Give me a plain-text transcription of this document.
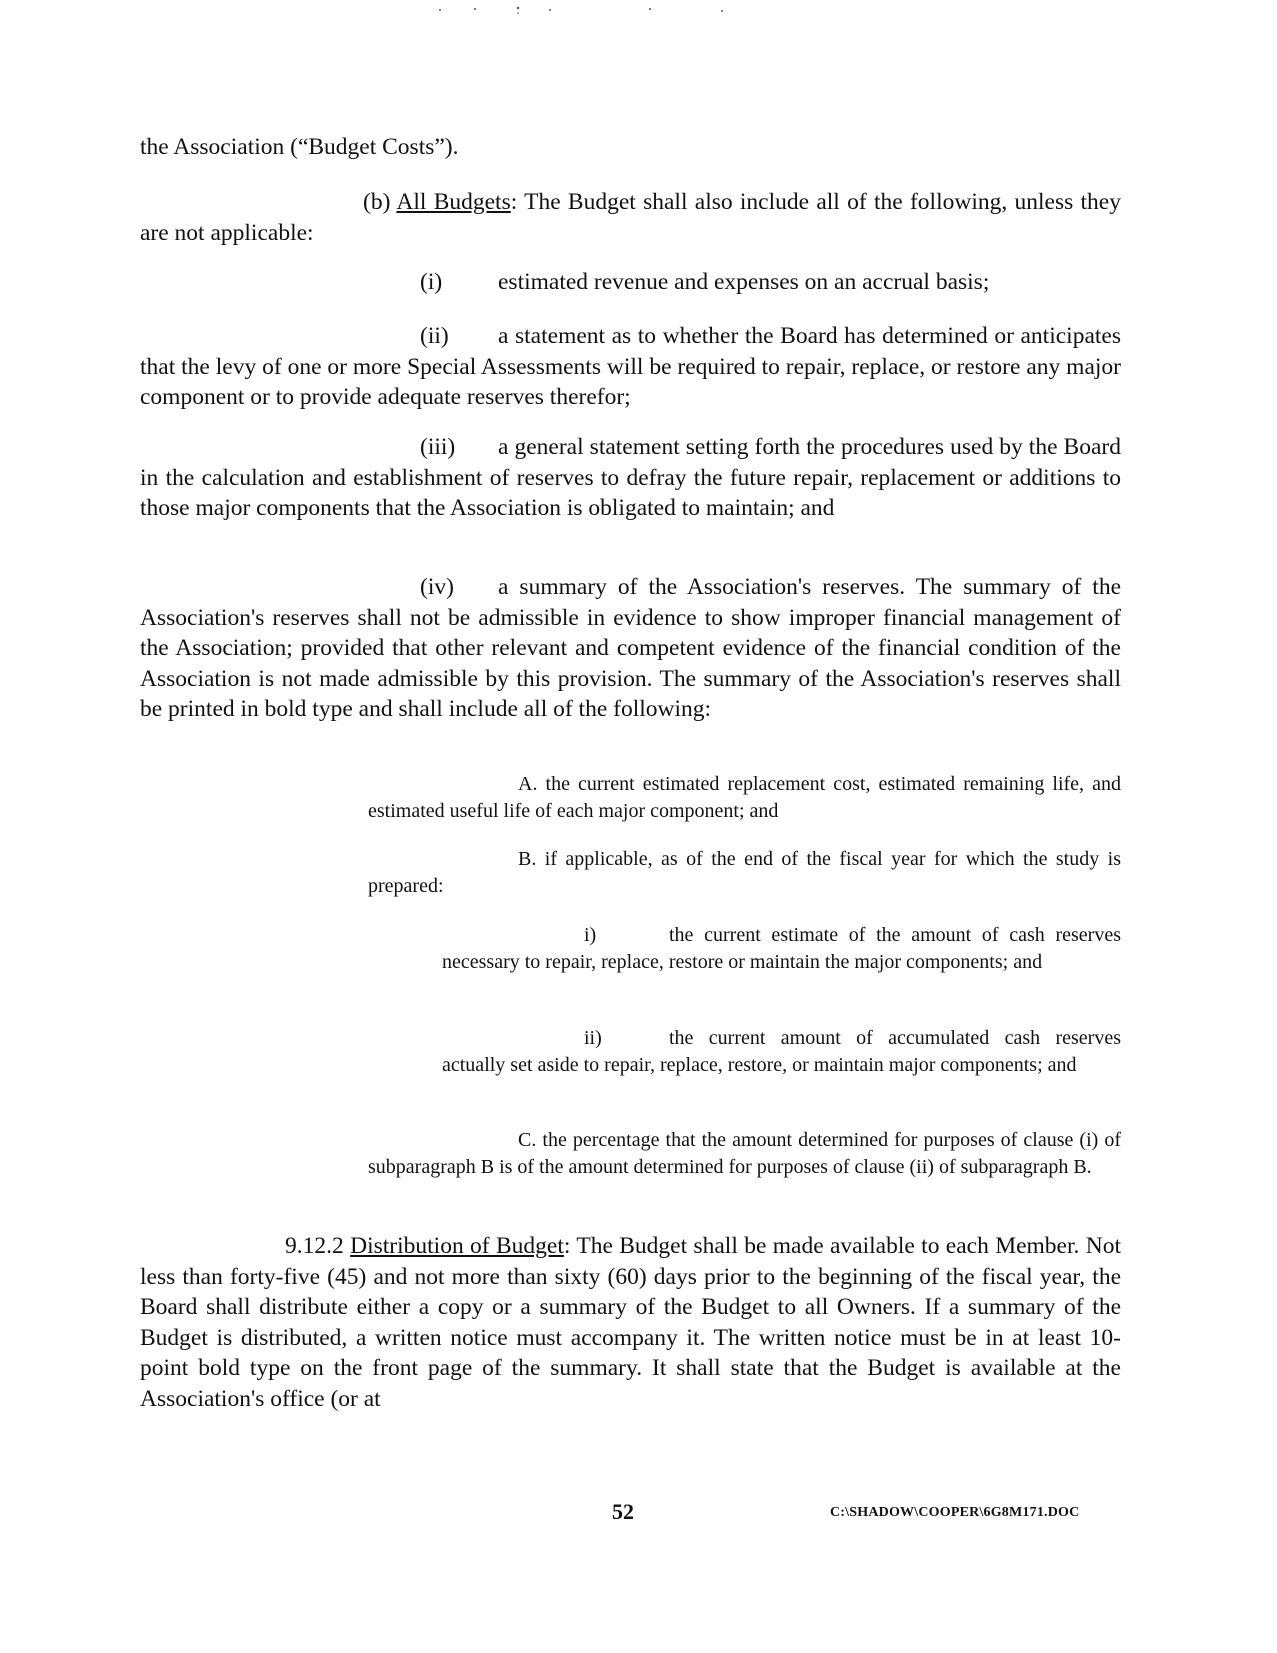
the Association (“Budget Costs”).

(b) All Budgets: The Budget shall also include all of the following, unless they are not applicable:

(i) estimated revenue and expenses on an accrual basis;

(ii) a statement as to whether the Board has determined or anticipates that the levy of one or more Special Assessments will be required to repair, replace, or restore any major component or to provide adequate reserves therefor;

(iii) a general statement setting forth the procedures used by the Board in the calculation and establishment of reserves to defray the future repair, replacement or additions to those major components that the Association is obligated to maintain; and

(iv) a summary of the Association's reserves. The summary of the Association's reserves shall not be admissible in evidence to show improper financial management of the Association; provided that other relevant and competent evidence of the financial condition of the Association is not made admissible by this provision. The summary of the Association's reserves shall be printed in bold type and shall include all of the following:

A. the current estimated replacement cost, estimated remaining life, and estimated useful life of each major component; and

B. if applicable, as of the end of the fiscal year for which the study is prepared:

i)	the current estimate of the amount of cash reserves necessary to repair, replace, restore or maintain the major components; and

ii)	the current amount of accumulated cash reserves actually set aside to repair, replace, restore, or maintain major components; and

C. the percentage that the amount determined for purposes of clause (i) of subparagraph B is of the amount determined for purposes of clause (ii) of subparagraph B.

9.12.2 Distribution of Budget: The Budget shall be made available to each Member. Not less than forty-five (45) and not more than sixty (60) days prior to the beginning of the fiscal year, the Board shall distribute either a copy or a summary of the Budget to all Owners. If a summary of the Budget is distributed, a written notice must accompany it. The written notice must be in at least 10-point bold type on the front page of the summary. It shall state that the Budget is available at the Association's office (or at

52	C:\SHADOW\COOPER\6G8M171.DOC
